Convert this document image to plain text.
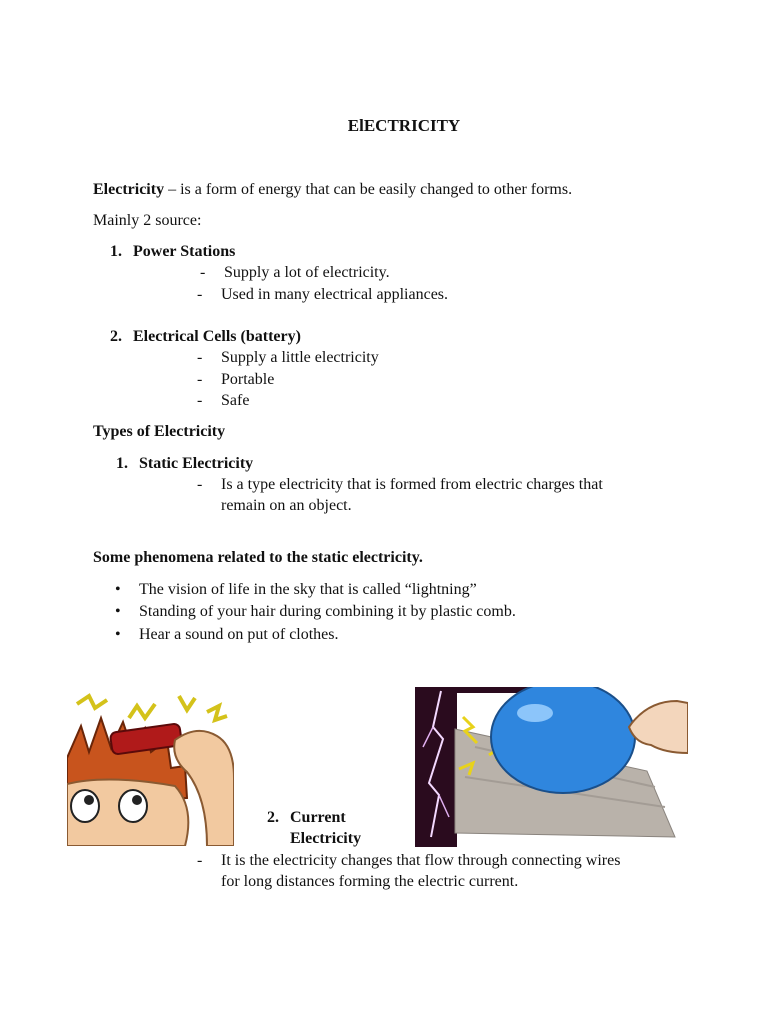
ElECTRICITY
Electricity – is a form of energy that can be easily changed to other forms.
Mainly 2 source:
1. Power Stations
- Supply a lot of electricity.
- Used in many electrical appliances.
2. Electrical Cells (battery)
- Supply a little electricity
- Portable
- Safe
Types of Electricity
1. Static Electricity
- Is a type electricity that is formed from electric charges that
remain on an object.
Some phenomena related to the static electricity.
• The vision of life in the sky that is called “lightning”
• Standing of your hair during combining it by plastic comb.
• Hear a sound on put of clothes.
2. Current
Electricity
- It is the electricity changes that flow through connecting wires
for long distances forming the electric current.
